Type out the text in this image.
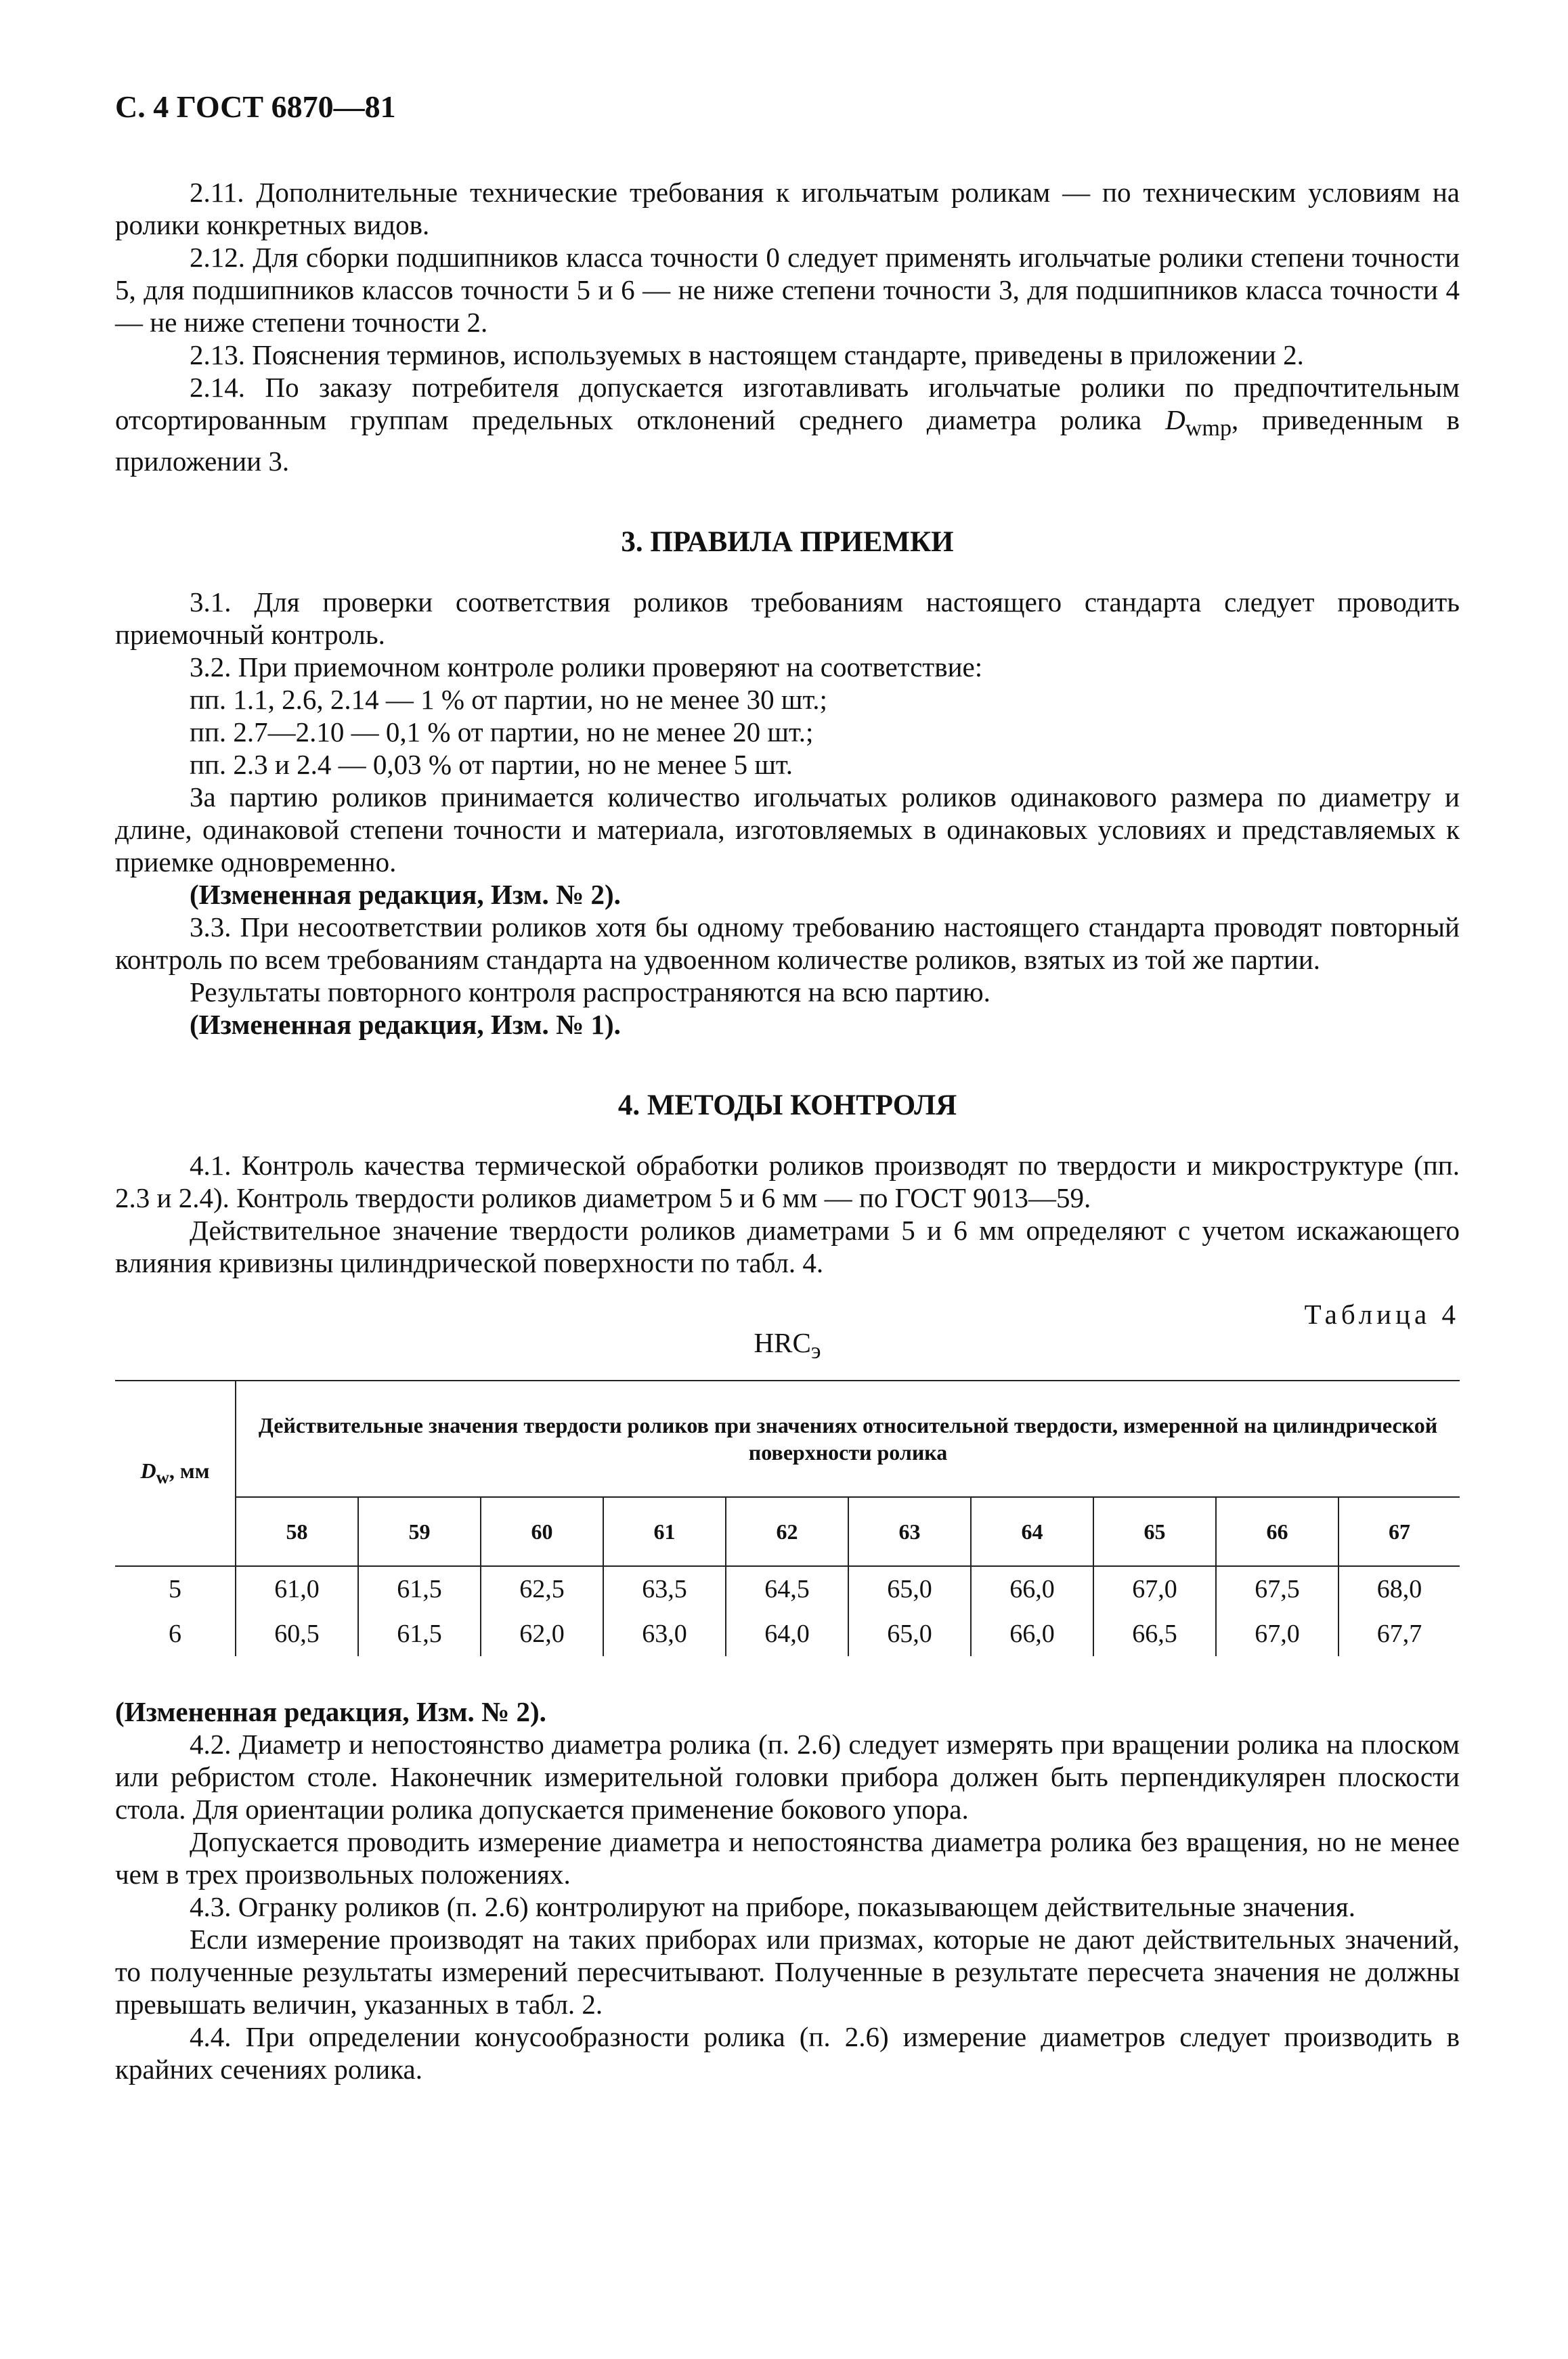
С. 4 ГОСТ 6870—81

2.11. Дополнительные технические требования к игольчатым роликам — по техническим условиям на ролики конкретных видов.

2.12. Для сборки подшипников класса точности 0 следует применять игольчатые ролики степени точности 5, для подшипников классов точности 5 и 6 — не ниже степени точности 3, для подшипников класса точности 4 — не ниже степени точности 2.

2.13. Пояснения терминов, используемых в настоящем стандарте, приведены в приложении 2.

2.14. По заказу потребителя допускается изготавливать игольчатые ролики по предпочтительным отсортированным группам предельных отклонений среднего диаметра ролика $D_{wmp}$, приведенным в приложении 3.

3. ПРАВИЛА ПРИЕМКИ

3.1. Для проверки соответствия роликов требованиям настоящего стандарта следует проводить приемочный контроль.

3.2. При приемочном контроле ролики проверяют на соответствие:

пп. 1.1, 2.6, 2.14 — 1 % от партии, но не менее 30 шт.;

пп. 2.7—2.10 — 0,1 % от партии, но не менее 20 шт.;

пп. 2.3 и 2.4 — 0,03 % от партии, но не менее 5 шт.

За партию роликов принимается количество игольчатых роликов одинакового размера по диаметру и длине, одинаковой степени точности и материала, изготовляемых в одинаковых условиях и представляемых к приемке одновременно.

(Измененная редакция, Изм. № 2).

3.3. При несоответствии роликов хотя бы одному требованию настоящего стандарта проводят повторный контроль по всем требованиям стандарта на удвоенном количестве роликов, взятых из той же партии.

Результаты повторного контроля распространяются на всю партию.

(Измененная редакция, Изм. № 1).

4. МЕТОДЫ КОНТРОЛЯ

4.1. Контроль качества термической обработки роликов производят по твердости и микроструктуре (пп. 2.3 и 2.4). Контроль твердости роликов диаметром 5 и 6 мм — по ГОСТ 9013—59.

Действительное значение твердости роликов диаметрами 5 и 6 мм определяют с учетом искажающего влияния кривизны цилиндрической поверхности по табл. 4.

Таблица 4
$HRC_э$
$D_w$, мм	Действительные значения твердости роликов при значениях относительной твердости, измеренной на цилиндрической поверхности ролика									
	58	59	60	61	62	63	64	65	66	67
5	61,0	61,5	62,5	63,5	64,5	65,0	66,0	67,0	67,5	68,0
6	60,5	61,5	62,0	63,0	64,0	65,0	66,0	66,5	67,0	67,7

(Измененная редакция, Изм. № 2).

4.2. Диаметр и непостоянство диаметра ролика (п. 2.6) следует измерять при вращении ролика на плоском или ребристом столе. Наконечник измерительной головки прибора должен быть перпендикулярен плоскости стола. Для ориентации ролика допускается применение бокового упора.

Допускается проводить измерение диаметра и непостоянства диаметра ролика без вращения, но не менее чем в трех произвольных положениях.

4.3. Огранку роликов (п. 2.6) контролируют на приборе, показывающем действительные значения.

Если измерение производят на таких приборах или призмах, которые не дают действительных значений, то полученные результаты измерений пересчитывают. Полученные в результате пересчета значения не должны превышать величин, указанных в табл. 2.

4.4. При определении конусообразности ролика (п. 2.6) измерение диаметров следует производить в крайних сечениях ролика.
